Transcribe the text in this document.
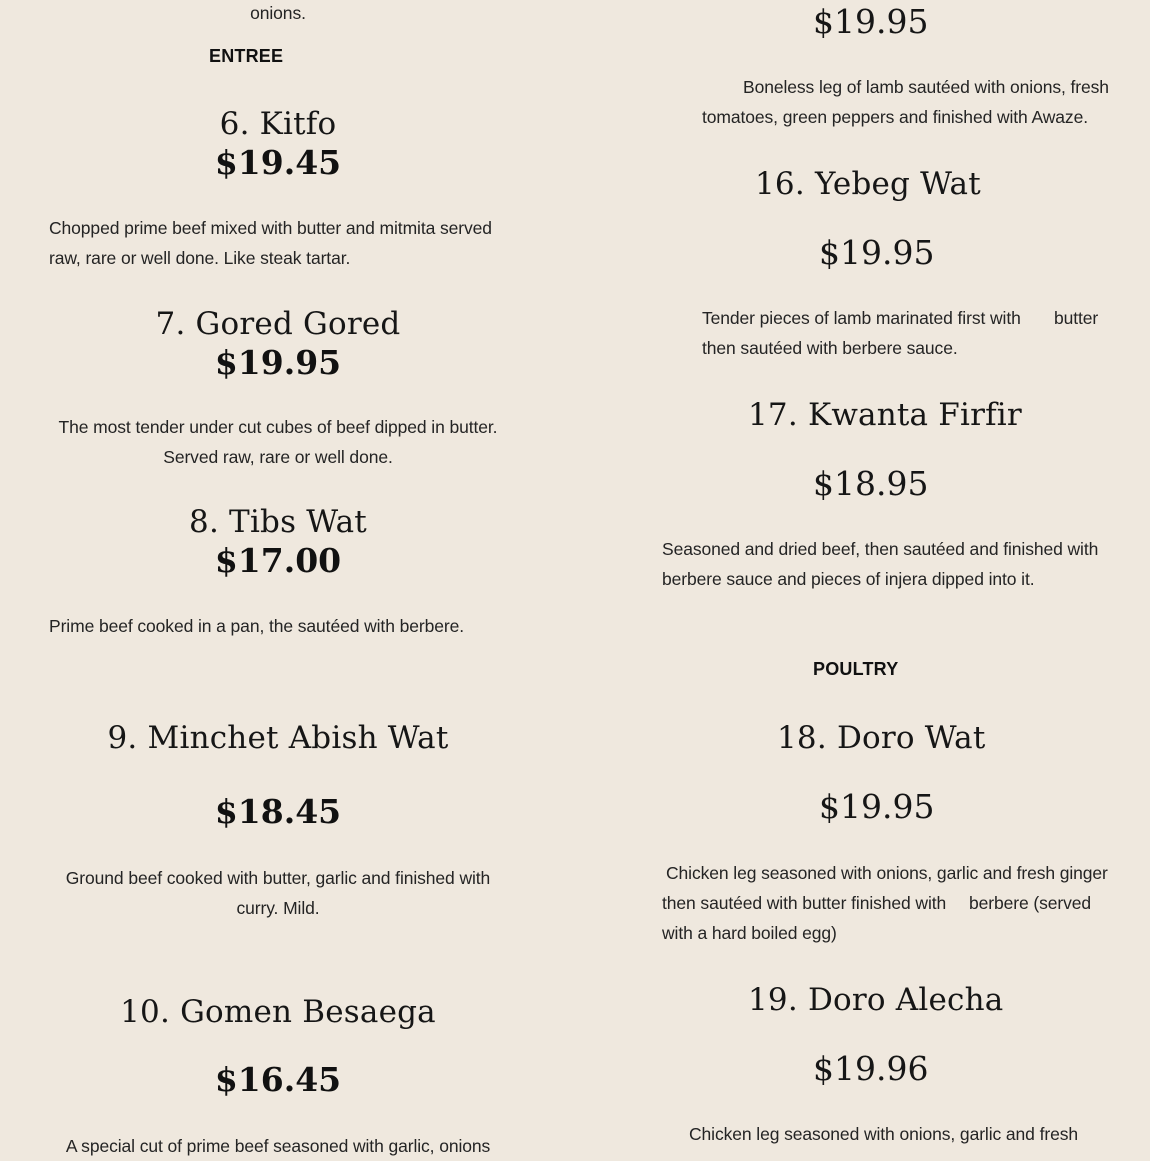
onions.

ENTREE

6. Kitfo

$19.45

Chopped prime beef mixed with butter and mitmita served

raw, rare or well done. Like steak tartar.

7. Gored Gored

$19.95

The most tender under cut cubes of beef dipped in butter.

Served raw, rare or well done.

8. Tibs Wat

$17.00

Prime beef cooked in a pan, the sautéed with berbere.

9. Minchet Abish Wat

$18.45

Ground beef cooked with butter, garlic and finished with

curry. Mild.

10. Gomen Besaega

$16.45

A special cut of prime beef seasoned with garlic, onions

$19.95

Boneless leg of lamb sautéed with onions, fresh

tomatoes, green peppers and finished with Awaze.

16. Yebeg Wat

$19.95

Tender pieces of lamb marinated first with butter

then sautéed with berbere sauce.

17. Kwanta Firfir

$18.95

Seasoned and dried beef, then sautéed and finished with

berbere sauce and pieces of injera dipped into it.

POULTRY

18. Doro Wat

$19.95

Chicken leg seasoned with onions, garlic and fresh ginger

then sautéed with butter finished with berbere (served

with a hard boiled egg)

19. Doro Alecha

$19.96

Chicken leg seasoned with onions, garlic and fresh
